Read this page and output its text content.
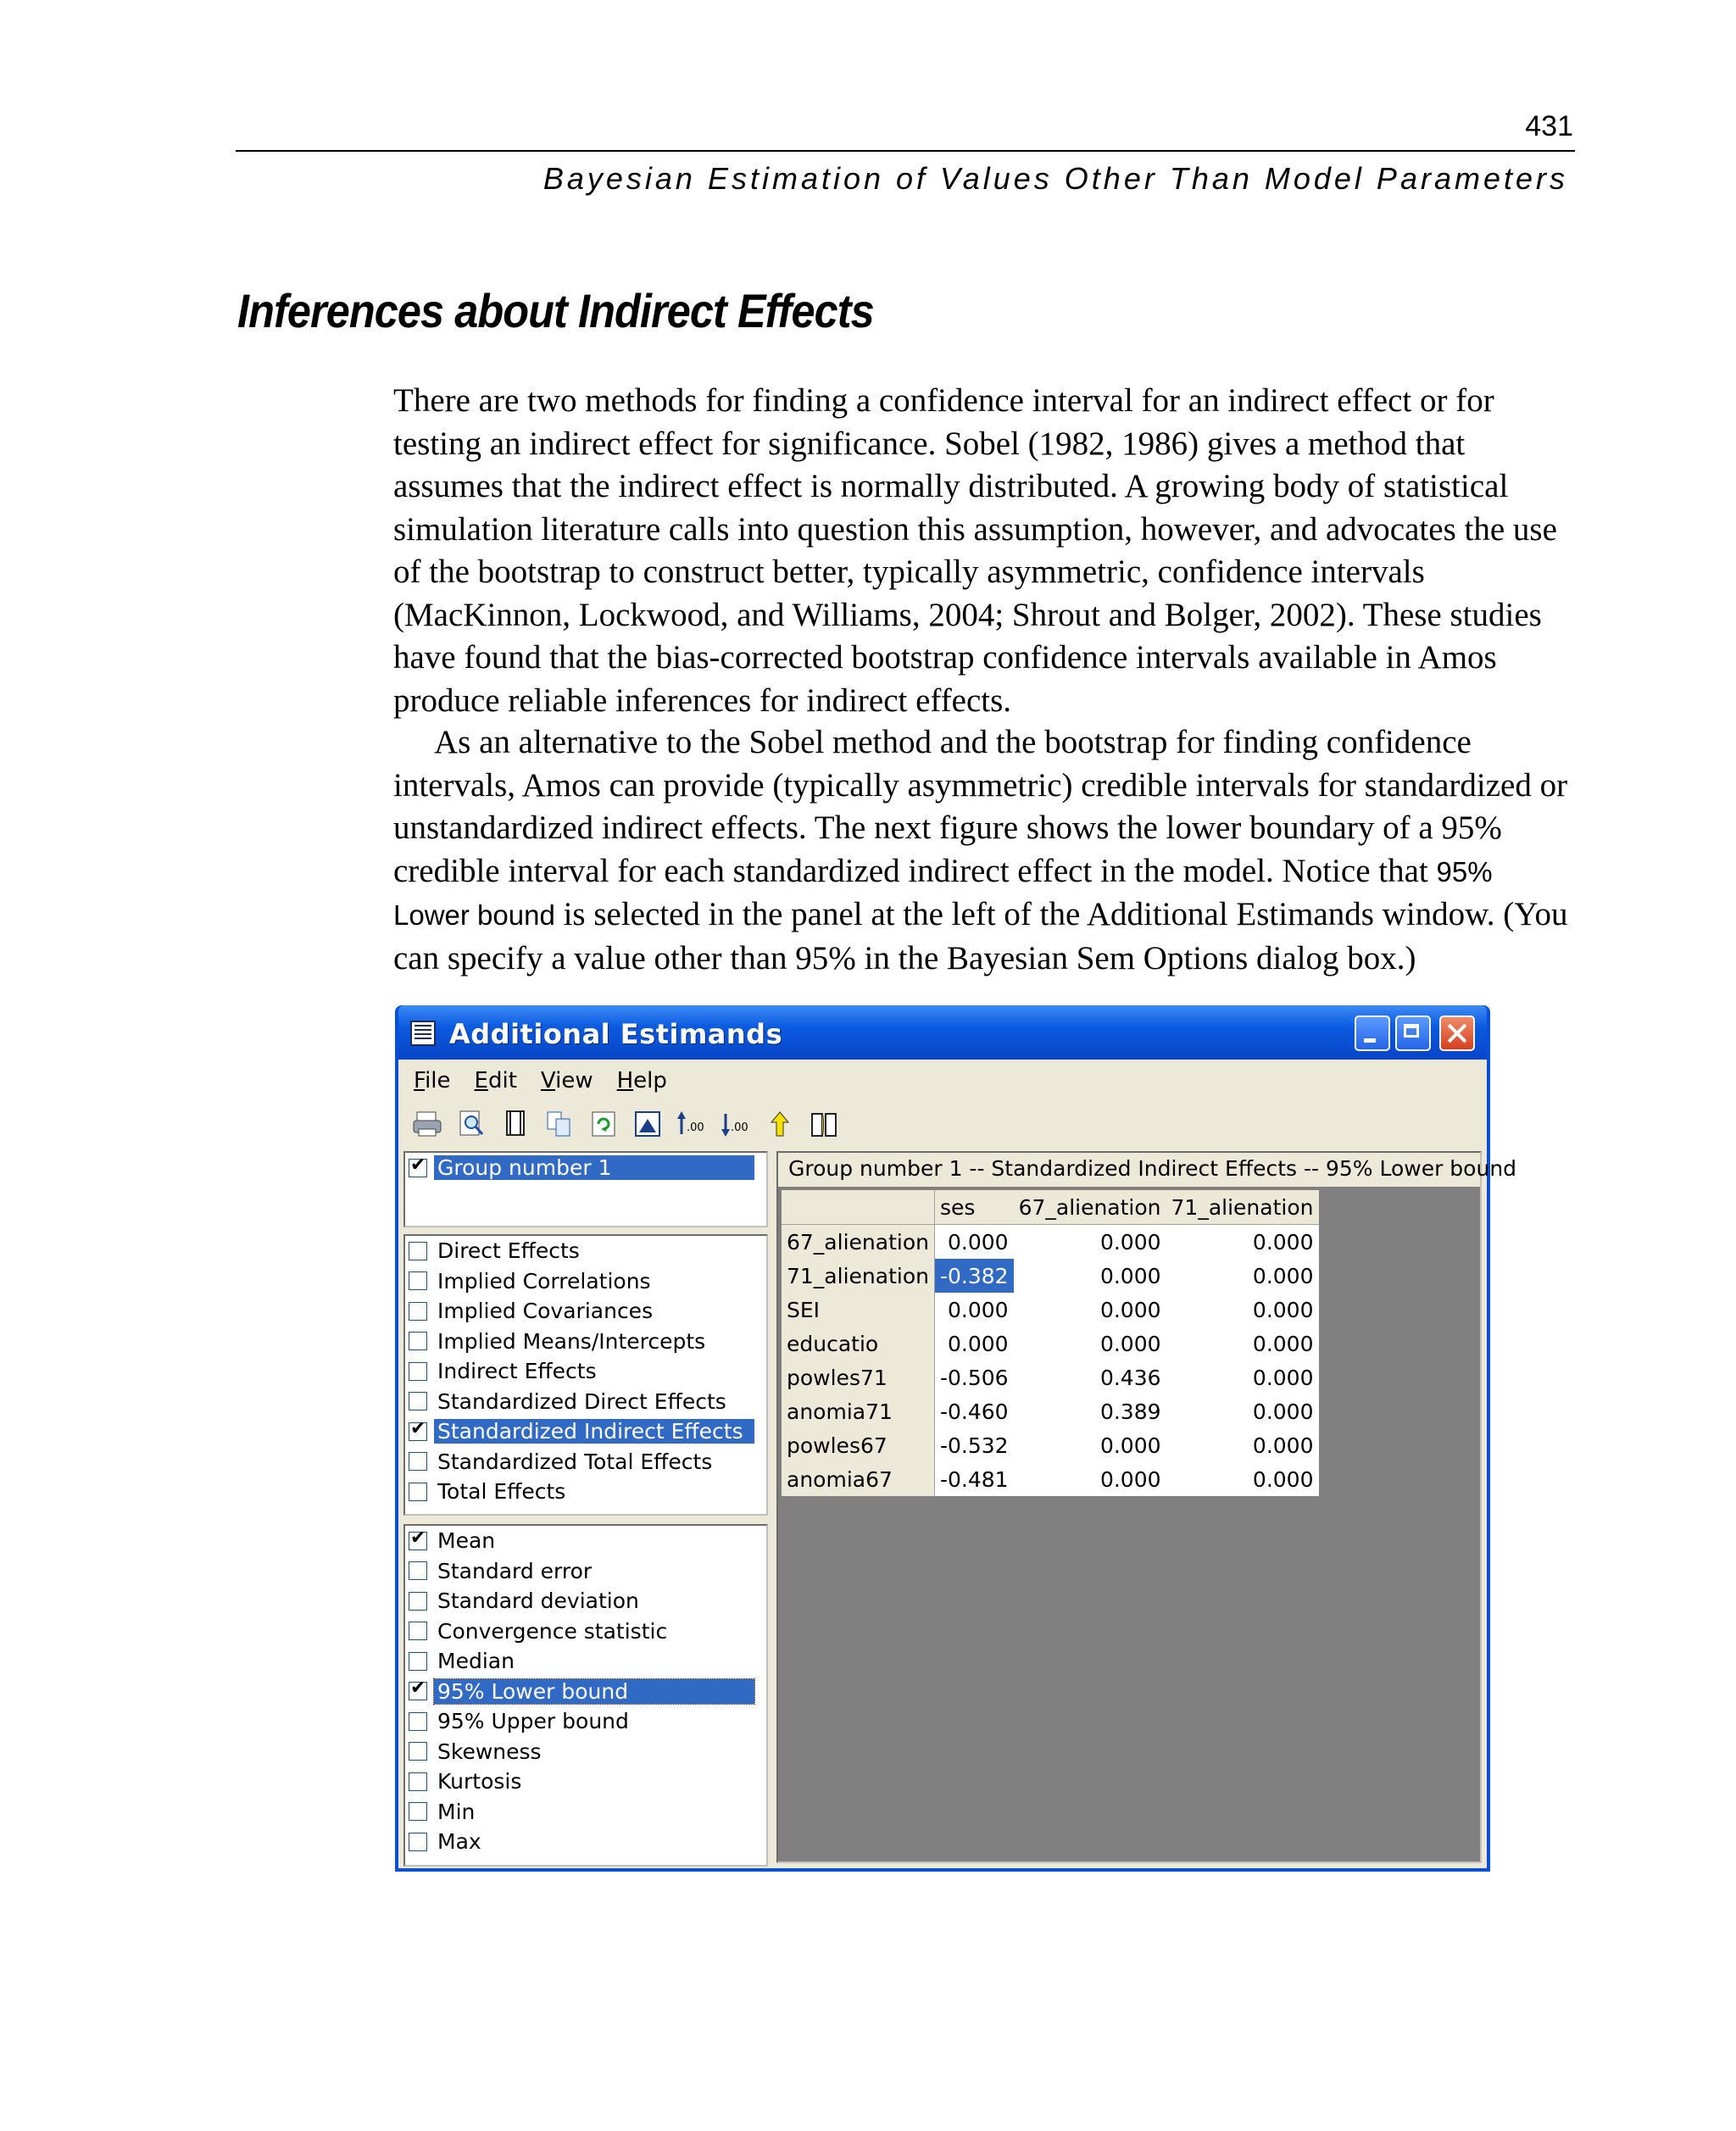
431
Bayesian Estimation of Values Other Than Model Parameters
Inferences about Indirect Effects
There are two methods for finding a confidence interval for an indirect effect or for testing an indirect effect for significance. Sobel (1982, 1986) gives a method that assumes that the indirect effect is normally distributed. A growing body of statistical simulation literature calls into question this assumption, however, and advocates the use of the bootstrap to construct better, typically asymmetric, confidence intervals (MacKinnon, Lockwood, and Williams, 2004; Shrout and Bolger, 2002). These studies have found that the bias-corrected bootstrap confidence intervals available in Amos produce reliable inferences for indirect effects.
As an alternative to the Sobel method and the bootstrap for finding confidence intervals, Amos can provide (typically asymmetric) credible intervals for standardized or unstandardized indirect effects. The next figure shows the lower boundary of a 95% credible interval for each standardized indirect effect in the model. Notice that 95% Lower bound is selected in the panel at the left of the Additional Estimands window. (You can specify a value other than 95% in the Bayesian Sem Options dialog box.)
Additional Estimands
File Edit View Help
.00 .00
✔
Group number 1
Direct Effects
Implied Correlations
Implied Covariances
Implied Means/Intercepts
Indirect Effects
Standardized Direct Effects
✔
Standardized Indirect Effects
Standardized Total Effects
Total Effects
✔
Mean
Standard error
Standard deviation
Convergence statistic
Median
✔
95% Lower bound
95% Upper bound
Skewness
Kurtosis
Min
Max
Group number 1 -- Standardized Indirect Effects -- 95% Lower bound
	ses	67_alienation	71_alienation
67_alienation	0.000	0.000	0.000
71_alienation	-0.382	0.000	0.000
SEI	0.000	0.000	0.000
educatio	0.000	0.000	0.000
powles71	-0.506	0.436	0.000
anomia71	-0.460	0.389	0.000
powles67	-0.532	0.000	0.000
anomia67	-0.481	0.000	0.000
